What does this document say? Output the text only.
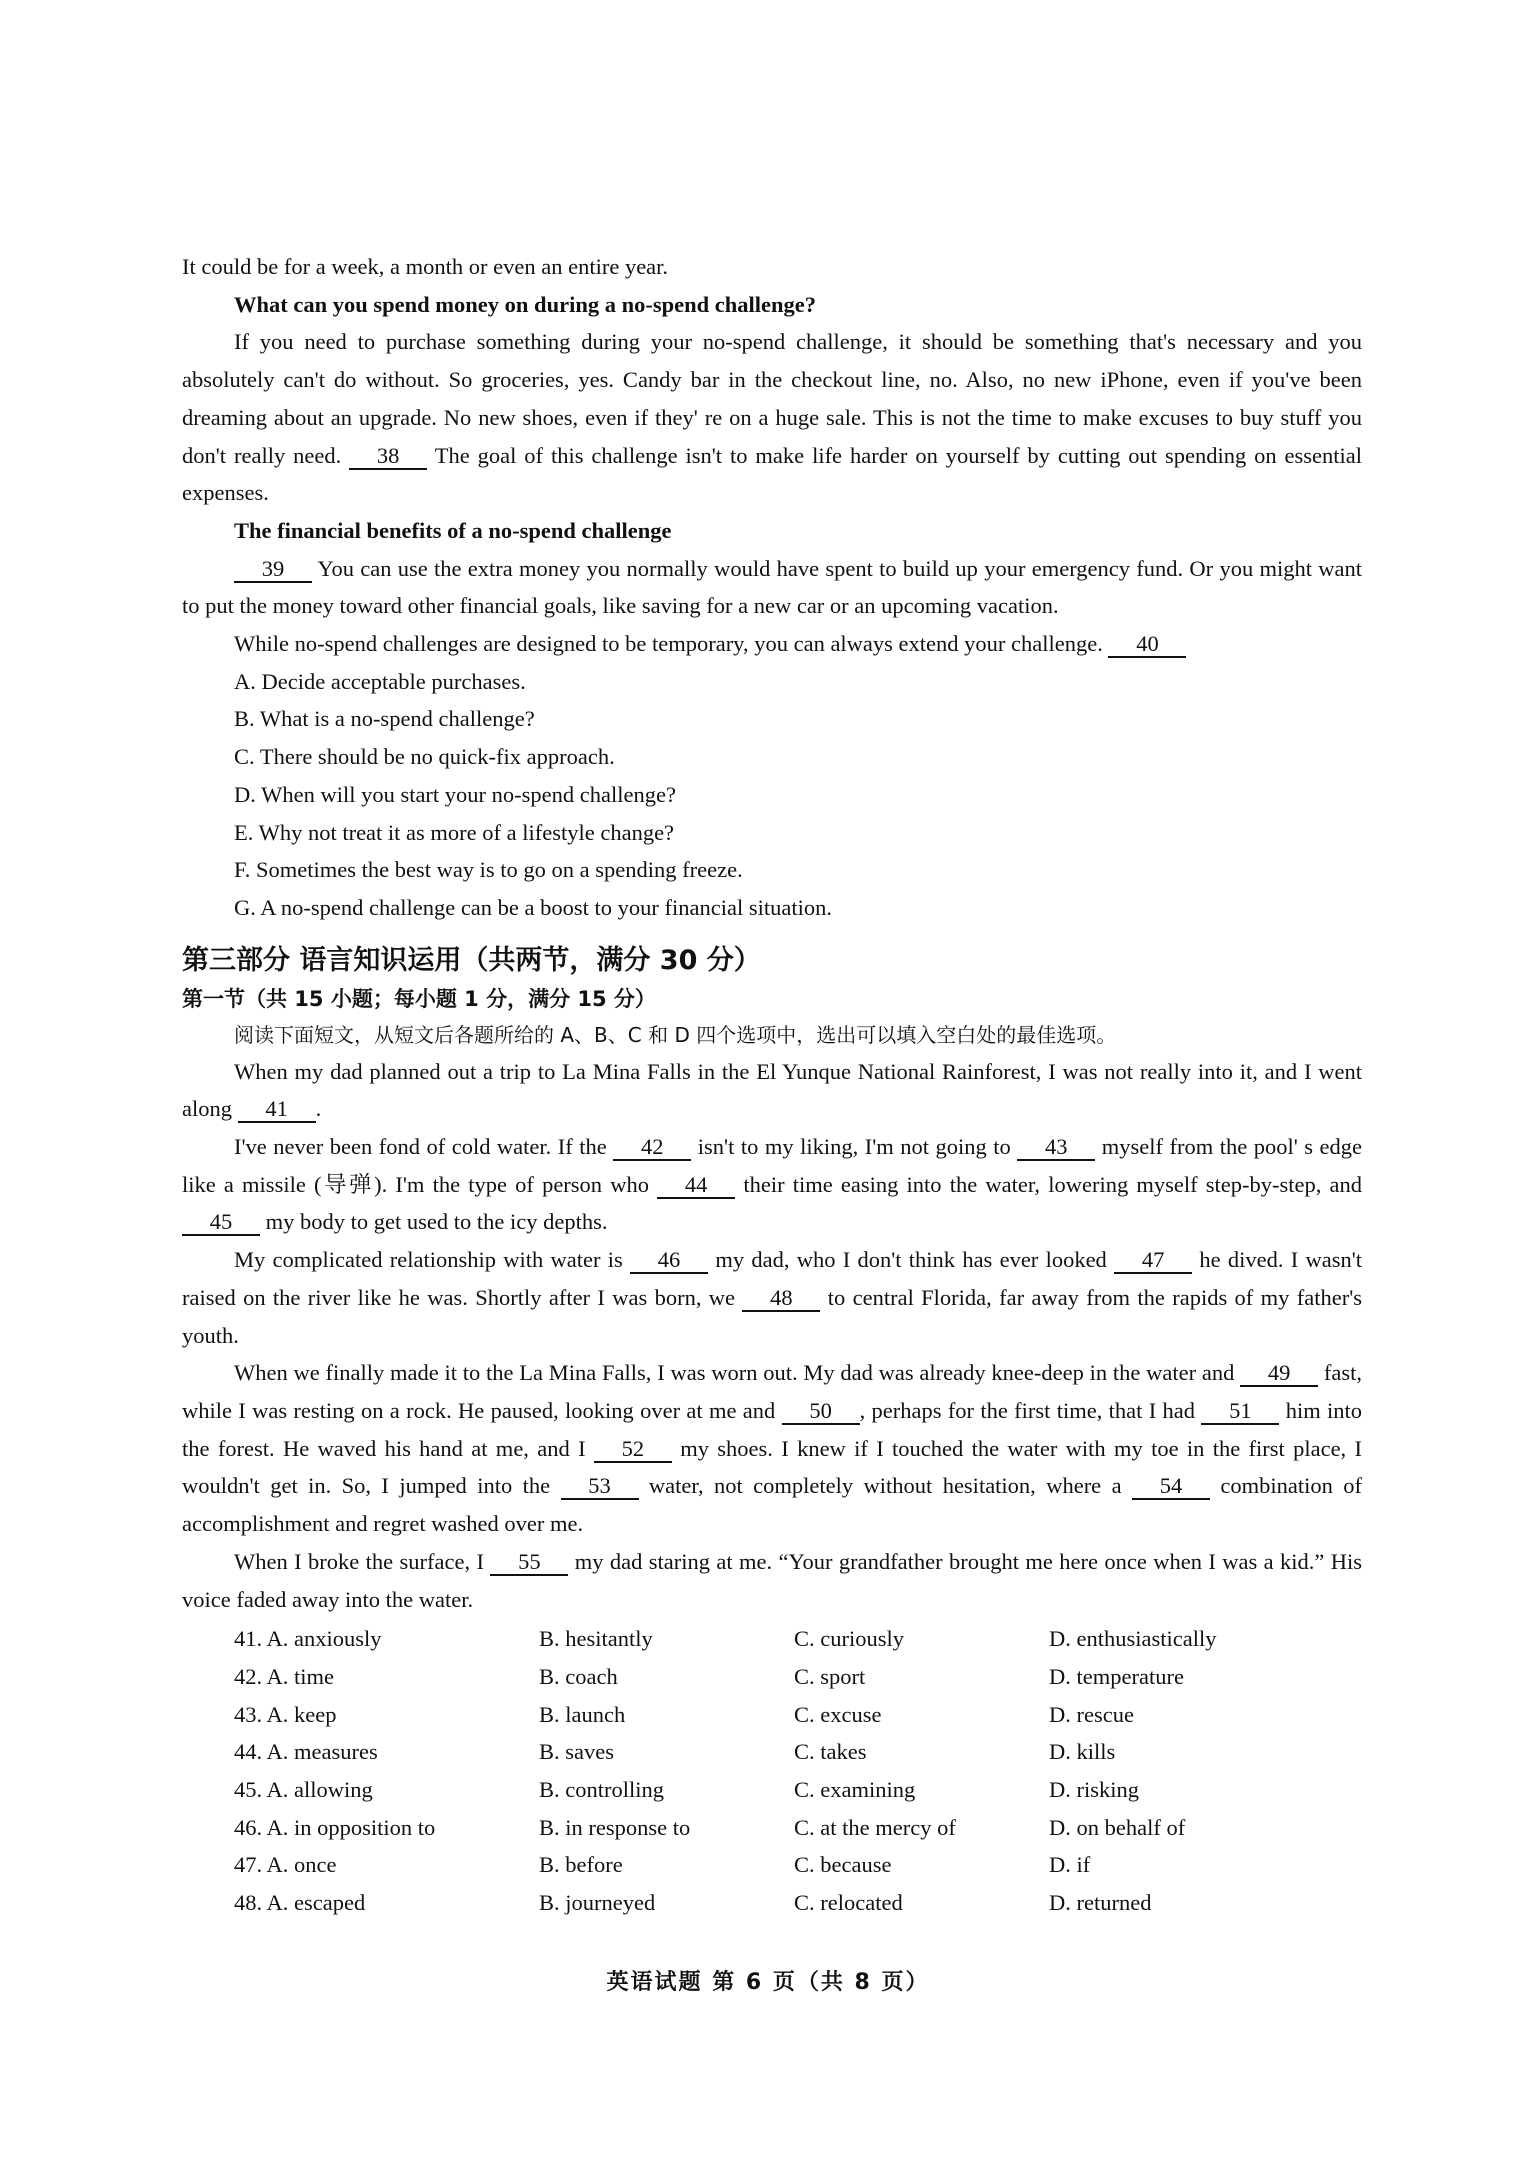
It could be for a week, a month or even an entire year.

What can you spend money on during a no-spend challenge?

If you need to purchase something during your no-spend challenge, it should be something that's necessary and you absolutely can't do without. So groceries, yes. Candy bar in the checkout line, no. Also, no new iPhone, even if you've been dreaming about an upgrade. No new shoes, even if they' re on a huge sale. This is not the time to make excuses to buy stuff you don't really need. 38 The goal of this challenge isn't to make life harder on yourself by cutting out spending on essential expenses.

The financial benefits of a no-spend challenge

39 You can use the extra money you normally would have spent to build up your emergency fund. Or you might want to put the money toward other financial goals, like saving for a new car or an upcoming vacation.

While no-spend challenges are designed to be temporary, you can always extend your challenge. 40

A. Decide acceptable purchases.

B. What is a no-spend challenge?

C. There should be no quick-fix approach.

D. When will you start your no-spend challenge?

E. Why not treat it as more of a lifestyle change?

F. Sometimes the best way is to go on a spending freeze.

G. A no-spend challenge can be a boost to your financial situation.

第三部分 语言知识运用（共两节，满分 30 分）

第一节（共 15 小题；每小题 1 分，满分 15 分）

阅读下面短文，从短文后各题所给的 A、B、C 和 D 四个选项中，选出可以填入空白处的最佳选项。

When my dad planned out a trip to La Mina Falls in the El Yunque National Rainforest, I was not really into it, and I went along 41 .

I've never been fond of cold water. If the 42 isn't to my liking, I'm not going to 43 myself from the pool' s edge like a missile (导弹). I'm the type of person who 44 their time easing into the water, lowering myself step-by-step, and 45 my body to get used to the icy depths.

My complicated relationship with water is 46 my dad, who I don't think has ever looked 47 he dived. I wasn't raised on the river like he was. Shortly after I was born, we 48 to central Florida, far away from the rapids of my father's youth.

When we finally made it to the La Mina Falls, I was worn out. My dad was already knee-deep in the water and 49 fast, while I was resting on a rock. He paused, looking over at me and 50 , perhaps for the first time, that I had 51 him into the forest. He waved his hand at me, and I 52 my shoes. I knew if I touched the water with my toe in the first place, I wouldn't get in. So, I jumped into the 53 water, not completely without hesitation, where a 54 combination of accomplishment and regret washed over me.

When I broke the surface, I 55 my dad staring at me. “Your grandfather brought me here once when I was a kid.” His voice faded away into the water.

41. A. anxiously	B. hesitantly	C. curiously	D. enthusiastically
42. A. time	B. coach	C. sport	D. temperature
43. A. keep	B. launch	C. excuse	D. rescue
44. A. measures	B. saves	C. takes	D. kills
45. A. allowing	B. controlling	C. examining	D. risking
46. A. in opposition to	B. in response to	C. at the mercy of	D. on behalf of
47. A. once	B. before	C. because	D. if
48. A. escaped	B. journeyed	C. relocated	D. returned
英语试题 第 6 页（共 8 页）
